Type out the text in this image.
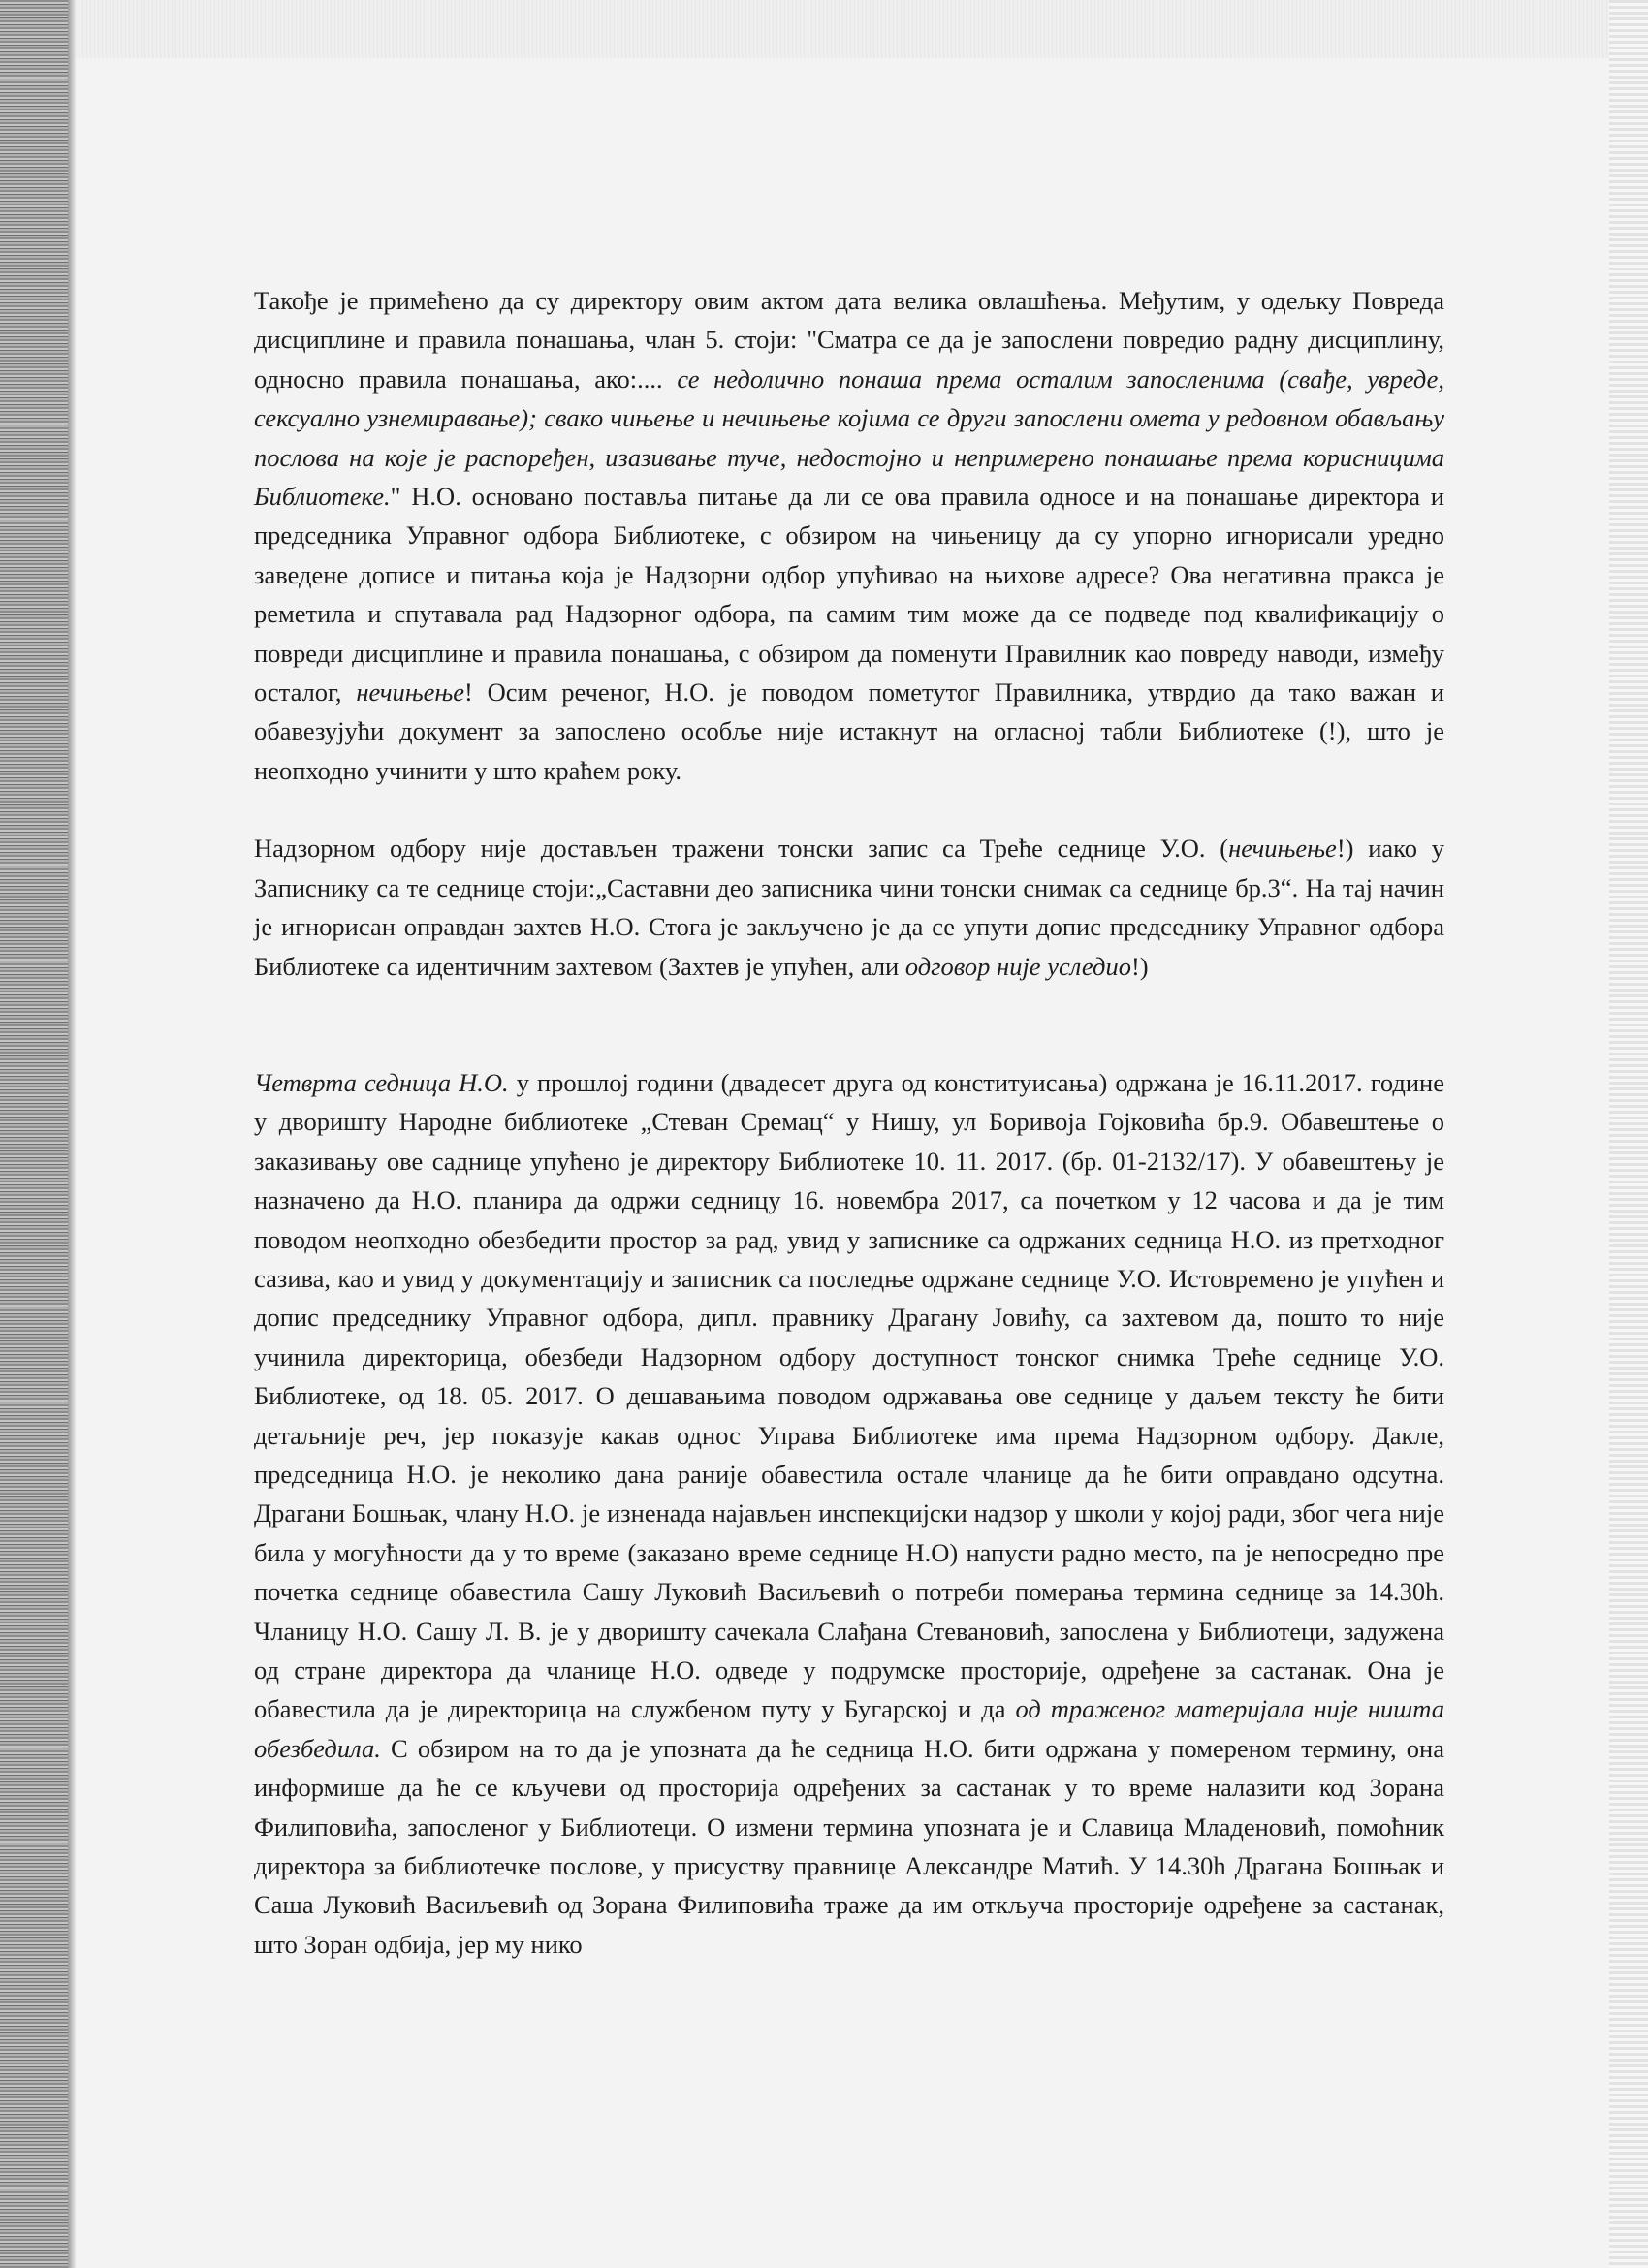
Такође је примећено да су директору овим актом дата велика овлашћења. Међутим, у одељку Повреда дисциплине и правила понашања, члан 5. стоји: "Сматра се да је запослени повредио радну дисциплину, односно правила понашања, ако:.... се недолично понаша према осталим запосленима (свађе, увреде, сексуално узнемиравање); свако чињење и нечињење којима се други запослени омета у редовном обављању послова на које је распоређен, изазивање туче, недостојно и непримерено понашање према корисницима Библиотеке." Н.О. основано поставља питање да ли се ова правила односе и на понашање директора и председника Управног одбора Библиотеке, с обзиром на чињеницу да су упорно игнорисали уредно заведене дописе и питања која је Надзорни одбор упућивао на њихове адресе? Ова негативна пракса је реметила и спутавала рад Надзорног одбора, па самим тим може да се подведе под квалификацију о повреди дисциплине и правила понашања, с обзиром да поменути Правилник као повреду наводи, између осталог, нечињење! Осим реченог, Н.О. је поводом пометутог Правилника, утврдио да тако важан и обавезујући документ за запослено особље није истакнут на огласној табли Библиотеке (!), што је неопходно учинити у што краћем року.

Надзорном одбору није достављен тражени тонски запис са Треће седнице У.О. (нечињење!) иако у Записнику са те седнице стоји:„Саставни део записника чини тонски снимак са седнице бр.3“. На тај начин је игнорисан оправдан захтев Н.О. Стога је закључено је да се упути допис председнику Управног одбора Библиотеке са идентичним захтевом (Захтев је упућен, али одговор није уследио!)

Четврта седница Н.О. у прошлој години (двадесет друга од конституисања) одржана је 16.11.2017. године у дворишту Народне библиотеке „Стеван Сремац“ у Нишу, ул Боривоја Гојковића бр.9. Обавештење о заказивању ове саднице упућено је директору Библиотеке 10. 11. 2017. (бр. 01-2132/17). У обавештењу је назначено да Н.О. планира да одржи седницу 16. новембра 2017, са почетком у 12 часова и да је тим поводом неопходно обезбедити простор за рад, увид у записнике са одржаних седница Н.О. из претходног сазива, као и увид у документацију и записник са последње одржане седнице У.О. Истовремено је упућен и допис председнику Управног одбора, дипл. правнику Драгану Јовићу, са захтевом да, пошто то није учинила директорица, обезбеди Надзорном одбору доступност тонског снимка Треће седнице У.О. Библиотеке, од 18. 05. 2017. О дешавањима поводом одржавања ове седнице у даљем тексту ће бити детаљније реч, јер показује какав однос Управа Библиотеке има према Надзорном одбору. Дакле, председница Н.О. је неколико дана раније обавестила остале чланице да ће бити оправдано одсутна. Драгани Бошњак, члану Н.О. је изненада најављен инспекцијски надзор у школи у којој ради, због чега није била у могућности да у то време (заказано време седнице Н.О) напусти радно место, па је непосредно пре почетка седнице обавестила Сашу Луковић Васиљевић о потреби померања термина седнице за 14.30h. Чланицу Н.О. Сашу Л. В. је у дворишту сачекала Слађана Стевановић, запослена у Библиотеци, задужена од стране директора да чланице Н.О. одведе у подрумске просторије, одређене за састанак. Она је обавестила да је директорица на службеном путу у Бугарској и да од траженог материјала није ништа обезбедила. С обзиром на то да је упозната да ће седница Н.О. бити одржана у померенoм термину, она информише да ће се кључеви од просторија одређених за састанак у то време налазити код Зорана Филиповића, запосленог у Библиотеци. О измени термина упозната је и Славица Младеновић, помоћник директора за библиотечке послове, у присуству правнице Александре Матић. У 14.30h Драгана Бошњак и Саша Луковић Васиљевић од Зорана Филиповића траже да им откључа просторије одређене за састанак, што Зоран одбија, јер му нико
